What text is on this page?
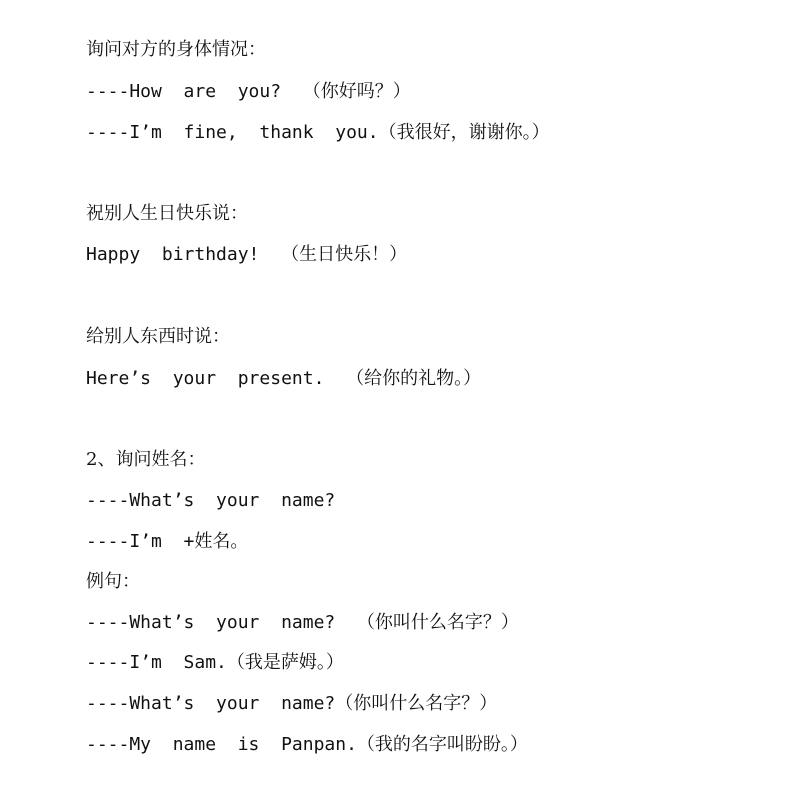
询问对方的身体情况：

----How  are  you?  （你好吗？）

----I’m  fine,  thank  you.（我很好，谢谢你。）

祝别人生日快乐说：

Happy  birthday!  （生日快乐！）

给别人东西时说：

Here’s  your  present.  （给你的礼物。）

2、询问姓名：

----What’s  your  name?

----I’m  +姓名。

例句：

----What’s  your  name?  （你叫什么名字？）

----I’m  Sam.（我是萨姆。）

----What’s  your  name?（你叫什么名字？）

----My  name  is  Panpan.（我的名字叫盼盼。）
